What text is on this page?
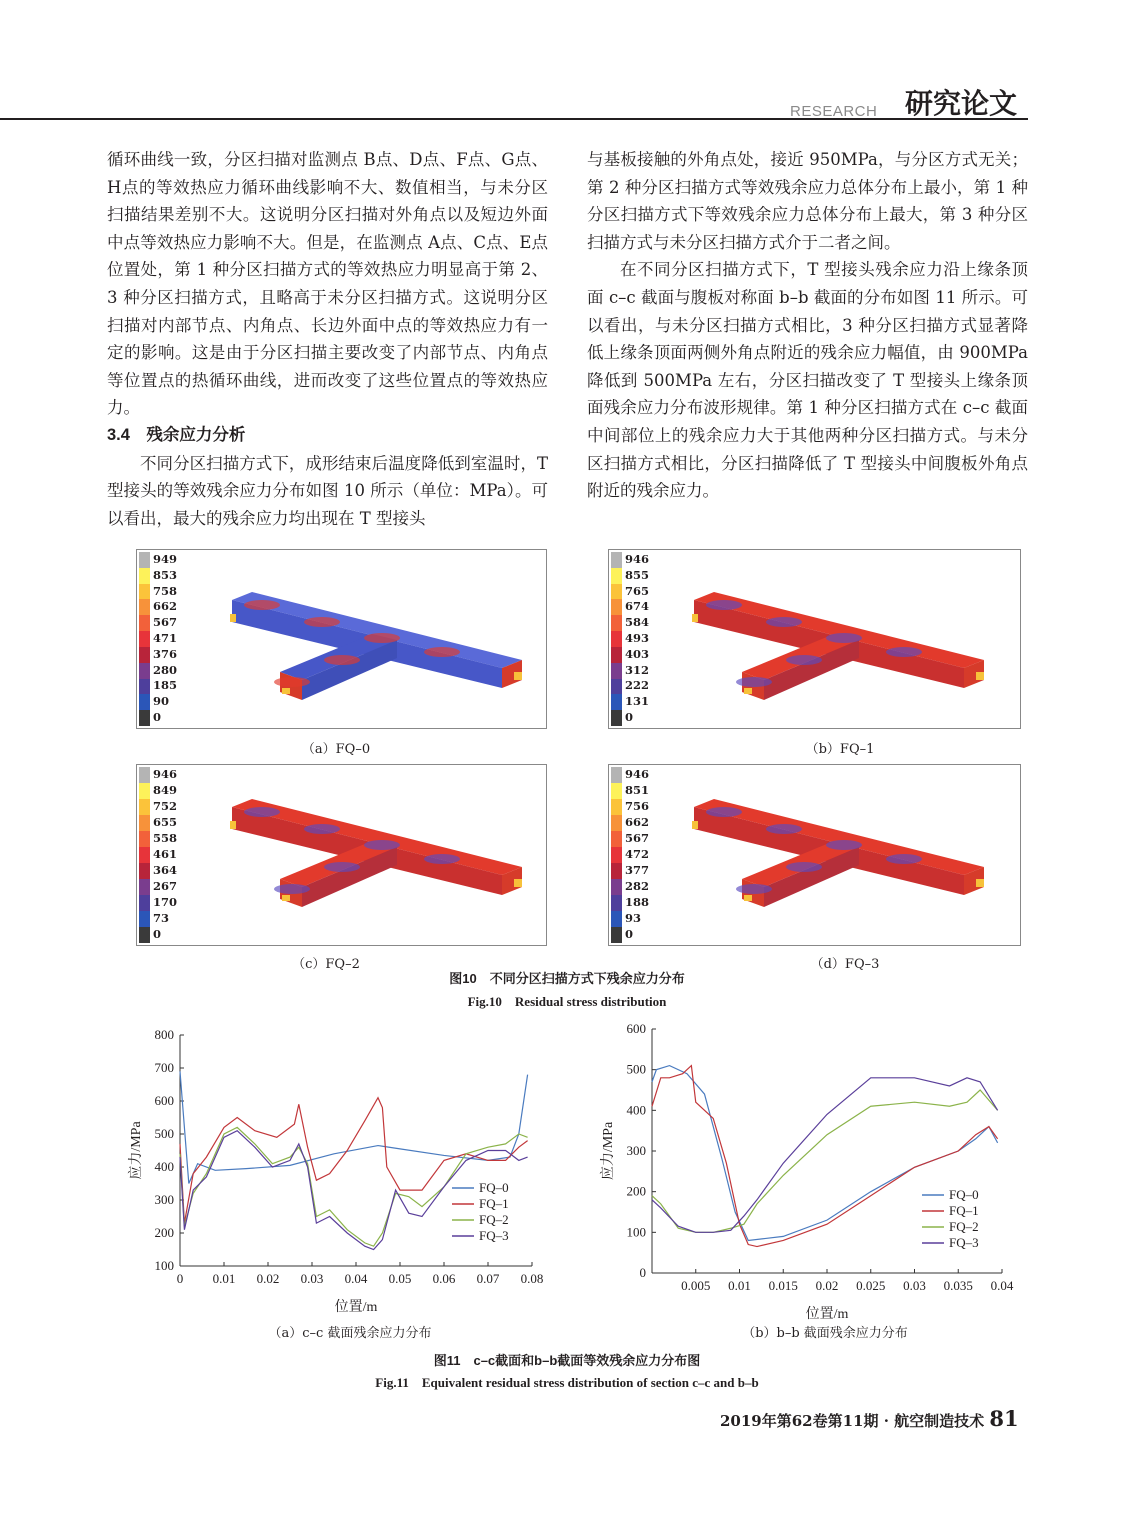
RESEARCH 研究论文

循环曲线一致，分区扫描对监测点 B点、D点、F点、G点、H点的等效热应力循环曲线影响不大、数值相当，与未分区扫描结果差别不大。这说明分区扫描对外角点以及短边外面中点等效热应力影响不大。但是，在监测点 A点、C点、E点位置处，第 1 种分区扫描方式的等效热应力明显高于第 2、3 种分区扫描方式，且略高于未分区扫描方式。这说明分区扫描对内部节点、内角点、长边外面中点的等效热应力有一定的影响。这是由于分区扫描主要改变了内部节点、内角点等位置点的热循环曲线，进而改变了这些位置点的等效热应力。

3.4　残余应力分析

不同分区扫描方式下，成形结束后温度降低到室温时，T 型接头的等效残余应力分布如图 10 所示（单位：MPa）。可以看出，最大的残余应力均出现在 T 型接头

与基板接触的外角点处，接近 950MPa，与分区方式无关；第 2 种分区扫描方式等效残余应力总体分布上最小，第 1 种分区扫描方式下等效残余应力总体分布上最大，第 3 种分区扫描方式与未分区扫描方式介于二者之间。

在不同分区扫描方式下，T 型接头残余应力沿上缘条顶面 c–c 截面与腹板对称面 b–b 截面的分布如图 11 所示。可以看出，与未分区扫描方式相比，3 种分区扫描方式显著降低上缘条顶面两侧外角点附近的残余应力幅值，由 900MPa 降低到 500MPa 左右，分区扫描改变了 T 型接头上缘条顶面残余应力分布波形规律。第 1 种分区扫描方式在 c–c 截面中间部位上的残余应力大于其他两种分区扫描方式。与未分区扫描方式相比，分区扫描降低了 T 型接头中间腹板外角点附近的残余应力。

949
853
758
662
567
471
376
280
185
90
0
946
855
765
674
584
493
403
312
222
131
0
946
849
752
655
558
461
364
267
170
73
0
946
851
756
662
567
472
377
282
188
93
0
（a）FQ–0	（b）FQ–1
（c）FQ–2	（d）FQ–3
图10　不同分区扫描方式下残余应力分布
Fig.10　Residual stress distribution
100
200
300
400
500
600
700
800
0 0.01 0.02 0.03 0.04 0.05 0.06 0.07 0.08
位置/m
应力/MPa
FQ–0
FQ–1
FQ–2
FQ–3
0
100
200
300
400
500
600
0.005 0.01 0.015 0.02 0.025 0.03 0.035 0.04
位置/m
应力/MPa
FQ–0
FQ–1
FQ–2
FQ–3
（a）c–c 截面残余应力分布	（b）b–b 截面残余应力分布
图11　c–c截面和b–b截面等效残余应力分布图
Fig.11　Equivalent residual stress distribution of section c–c and b–b
2019年第62卷第11期 · 航空制造技术 81
